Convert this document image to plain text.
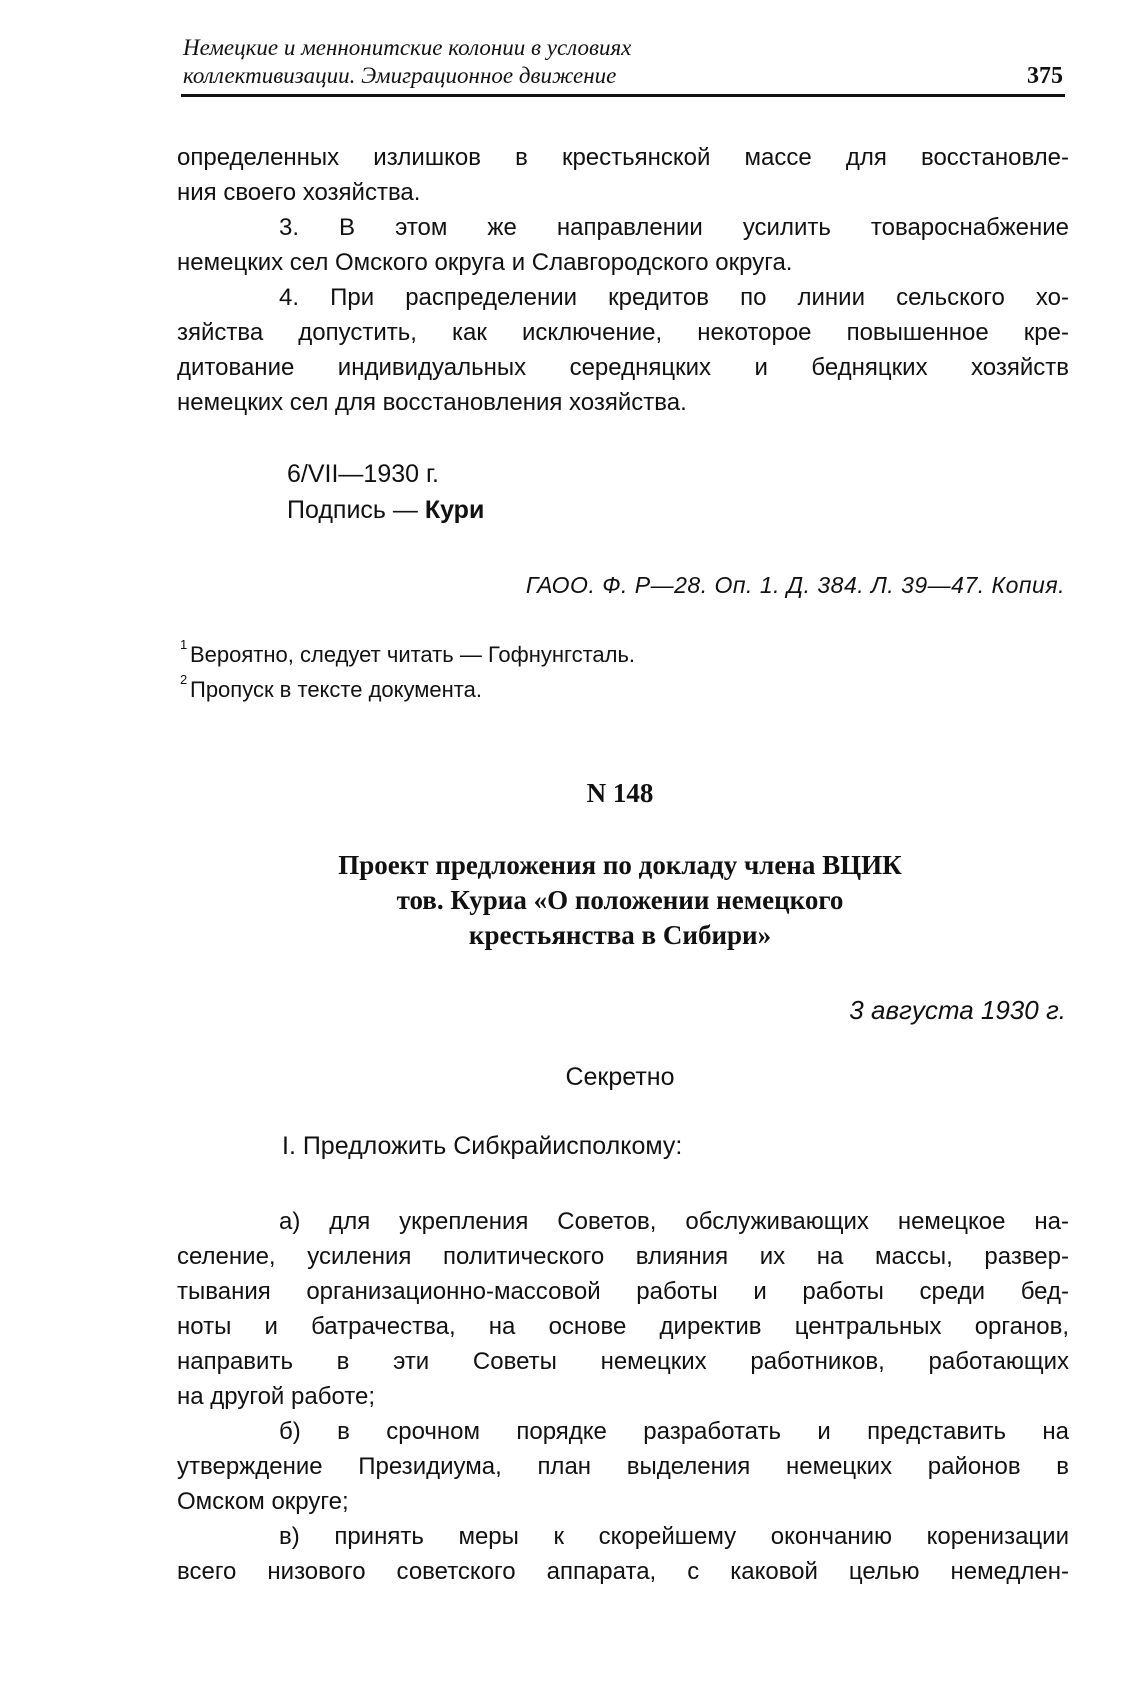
Немецкие и меннонитские колонии в условиях
коллективизации. Эмиграционное движение	375

определенных излишков в крестьянской массе для восстановле-
ния своего хозяйства.

3. В этом же направлении усилить товароснабжение
немецких сел Омского округа и Славгородского округа.

4. При распределении кредитов по линии сельского хо-
зяйства допустить, как исключение, некоторое повышенное кре-
дитование индивидуальных середняцких и бедняцких хозяйств
немецких сел для восстановления хозяйства.

6/VII—1930 г.
Подпись — Кури
ГАОО. Ф. Р—28. Оп. 1. Д. 384. Л. 39—47. Копия.
1 Вероятно, следует читать — Гофнунгсталь.
2 Пропуск в тексте документа.
N 148
Проект предложения по докладу члена ВЦИК
тов. Куриа «О положении немецкого
крестьянства в Сибири»
3 августа 1930 г.
Секретно
I. Предложить Сибкрайисполкому:

а) для укрепления Советов, обслуживающих немецкое на-
селение, усиления политического влияния их на массы, развер-
тывания организационно-массовой работы и работы среди бед-
ноты и батрачества, на основе директив центральных органов,
направить в эти Советы немецких работников, работающих
на другой работе;

б) в срочном порядке разработать и представить на
утверждение Президиума, план выделения немецких районов в
Омском округе;

в) принять меры к скорейшему окончанию коренизации
всего низового советского аппарата, с каковой целью немедлен-
